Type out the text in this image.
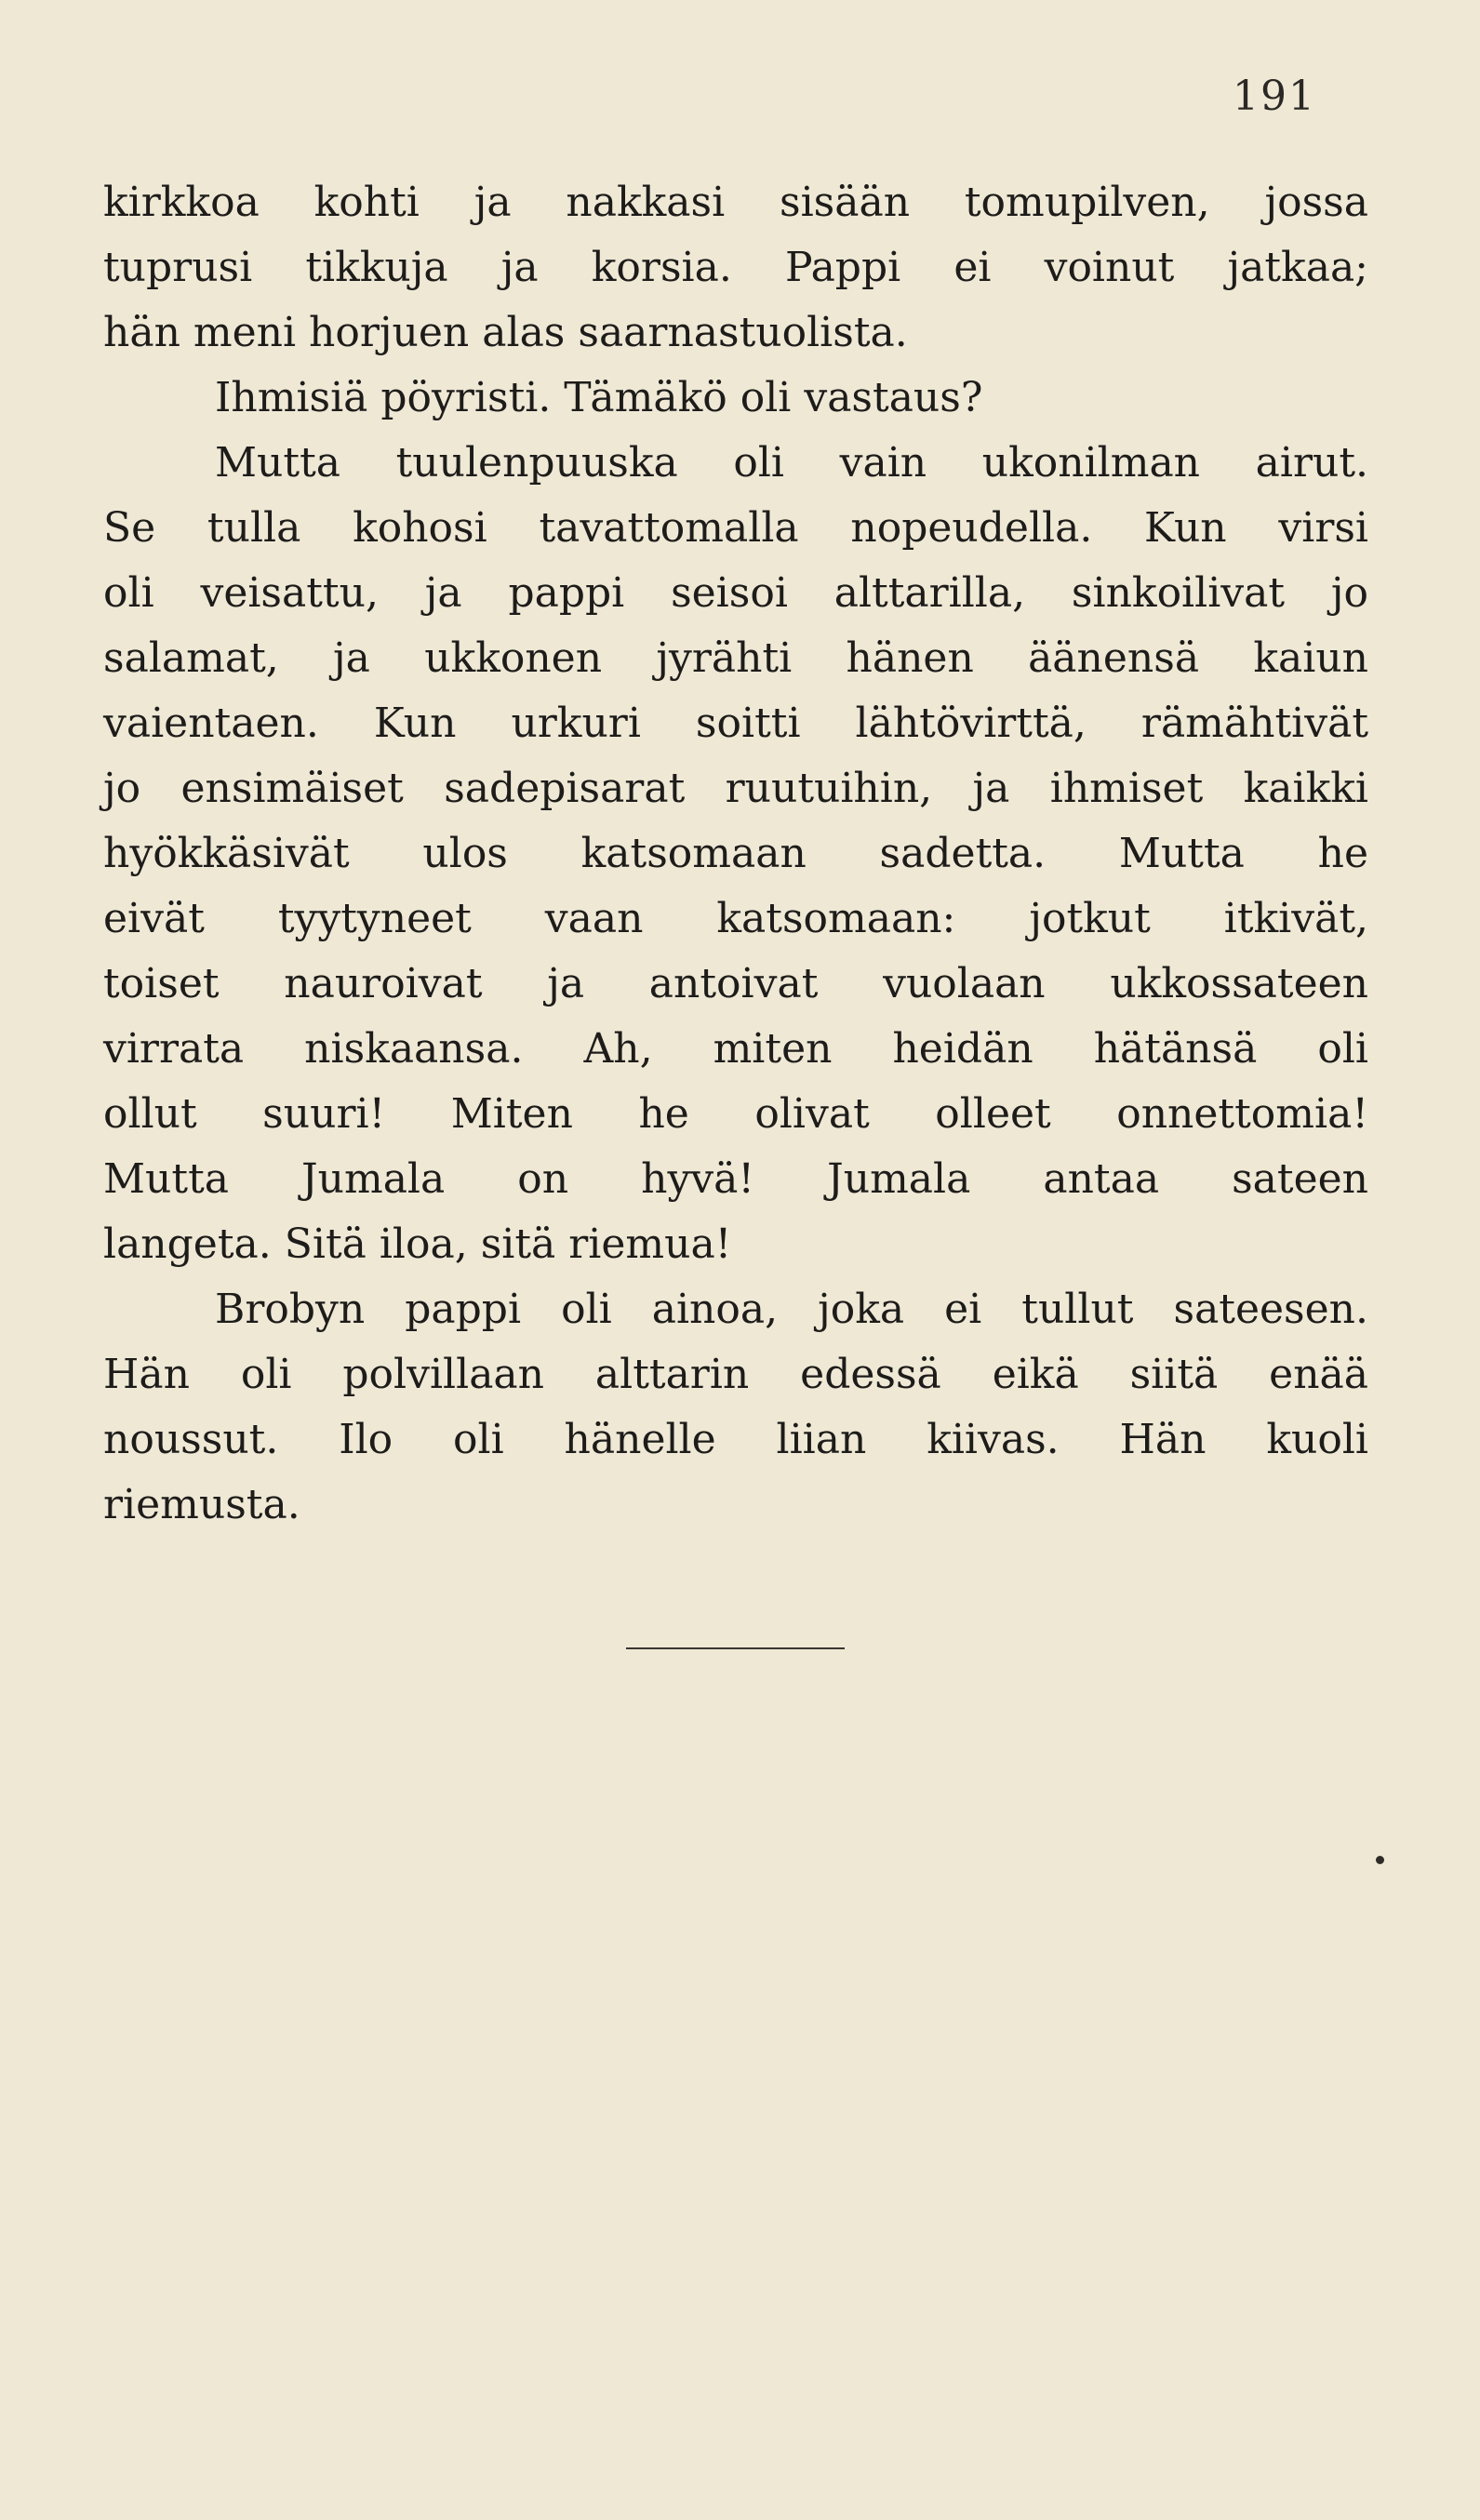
191
kirkkoa kohti ja nakkasi sisään tomupilven, jossa
tuprusi tikkuja ja korsia. Pappi ei voinut jatkaa;
hän meni horjuen alas saarnastuolista.
Ihmisiä pöyristi. Tämäkö oli vastaus?
Mutta tuulenpuuska oli vain ukonilman airut.
Se tulla kohosi tavattomalla nopeudella. Kun virsi
oli veisattu, ja pappi seisoi alttarilla, sinkoilivat jo
salamat, ja ukkonen jyrähti hänen äänensä kaiun
vaientaen. Kun urkuri soitti lähtövirttä, rämähtivät
jo ensimäiset sadepisarat ruutuihin, ja ihmiset kaikki
hyökkäsivät ulos katsomaan sadetta. Mutta he
eivät tyytyneet vaan katsomaan: jotkut itkivät,
toiset nauroivat ja antoivat vuolaan ukkossateen
virrata niskaansa. Ah, miten heidän hätänsä oli
ollut suuri! Miten he olivat olleet onnettomia!
Mutta Jumala on hyvä! Jumala antaa sateen
langeta. Sitä iloa, sitä riemua!
Brobyn pappi oli ainoa, joka ei tullut sateesen.
Hän oli polvillaan alttarin edessä eikä siitä enää
noussut. Ilo oli hänelle liian kiivas. Hän kuoli
riemusta.
